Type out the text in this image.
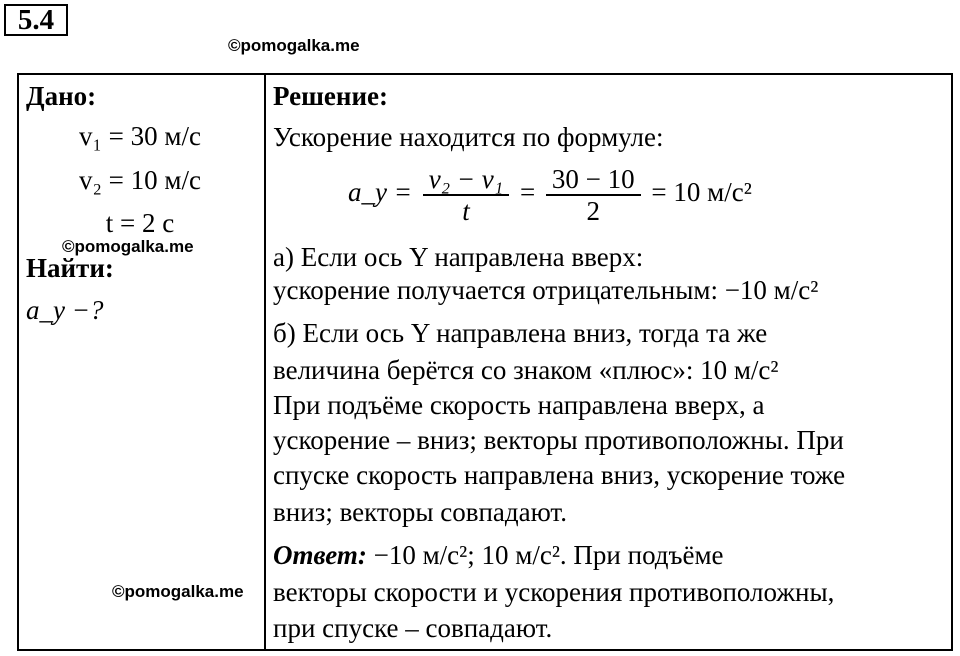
5.4
©pomogalka.me
©pomogalka.me
©pomogalka.me
Дано:
v₁ = 30 м/с
v₂ = 10 м/с
t = 2 с
Найти:
a_y −?
Решение:
Ускорение находится по формуле:
a_y = $\frac{\text{v₂ − v₁}}{t} = \frac{30 - 10}{2} = 10$ м/с²
а) Если ось Y направлена вверх:
ускорение получается отрицательным: −10 м/с²
б) Если ось Y направлена вниз, тогда та же
величина берётся со знаком «плюс»: 10 м/с²
При подъёме скорость направлена вверх, а
ускорение – вниз; векторы противоположны. При
спуске скорость направлена вниз, ускорение тоже
вниз; векторы совпадают.
Ответ: −10 м/с²; 10 м/с². При подъёме
векторы скорости и ускорения противоположны,
при спуске – совпадают.
